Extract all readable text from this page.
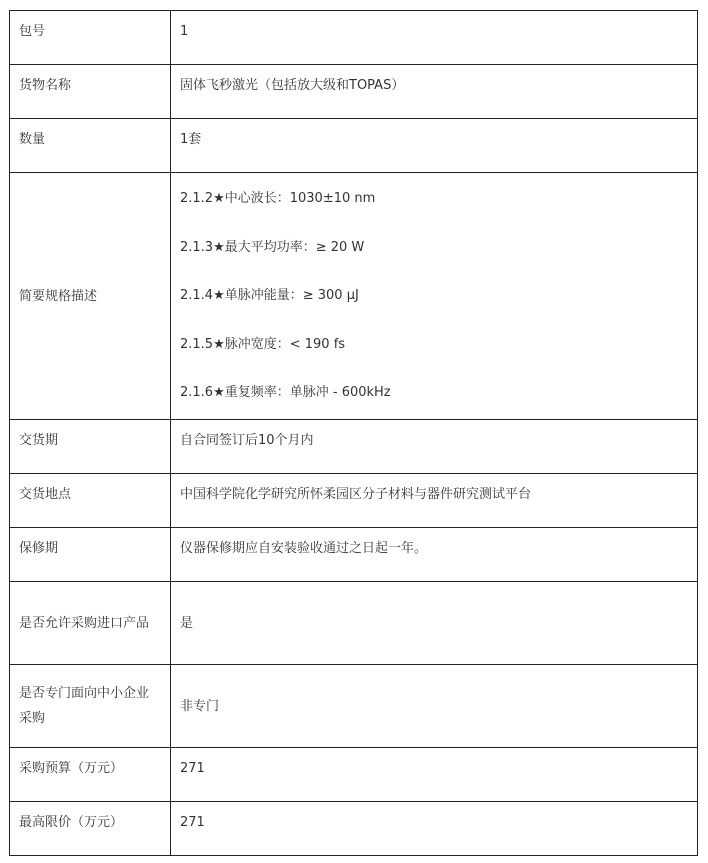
包号	1
货物名称	固体飞秒激光（包括放大级和TOPAS）
数量	1套
简要规格描述	2.1.2★中心波长：1030±10 nm
2.1.3★最大平均功率：≥ 20 W
2.1.4★单脉冲能量：≥ 300 μJ
2.1.5★脉冲宽度：< 190 fs
2.1.6★重复频率：单脉冲 - 600kHz

交货期	自合同签订后10个月内
交货地点	中国科学院化学研究所怀柔园区分子材料与器件研究测试平台
保修期	仪器保修期应自安装验收通过之日起一年。
是否允许采购进口产品	是
是否专门面向中小企业采购	非专门
采购预算（万元）	271
最高限价（万元）	271
